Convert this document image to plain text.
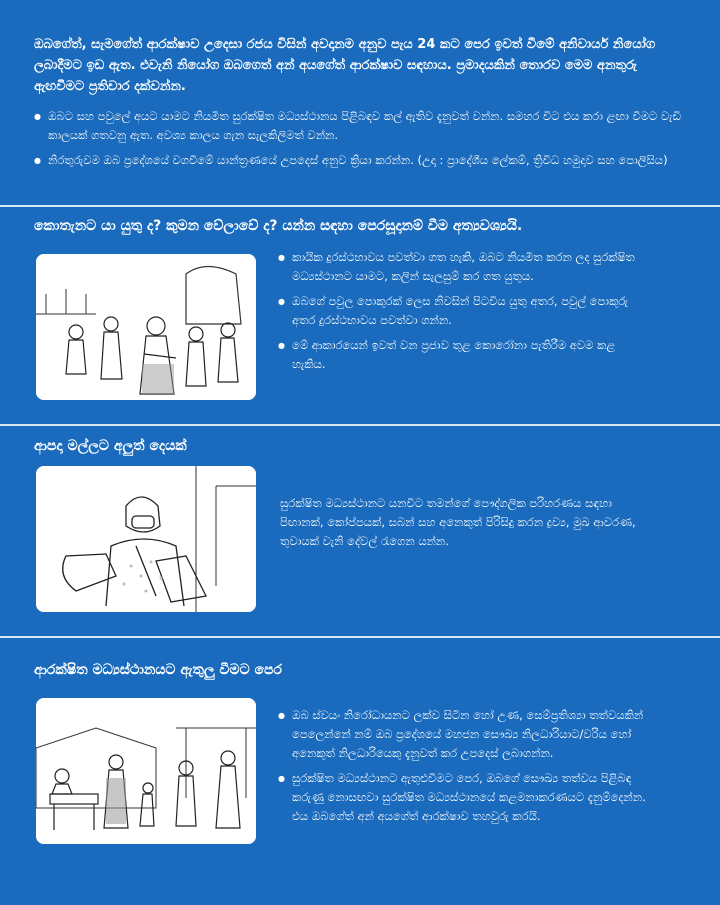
ඔබගේත්, සැමගේත් ආරක්ෂාව උදෙසා රජය විසින් අවදානම අනුව පැය 24 කට පෙර ඉවත් වීමේ අනිවාර්ය නියෝග ලබාදීමට ඉඩ ඇත. එවැනි නියෝග ඔබගෙත් අන් අයගේත් ආරක්ෂාව සඳහාය. ප්‍රමාදයකින් තොරව මෙම අනතුරු ඇඟවීමට ප්‍රතිචාර දක්වන්න.

● ඔබට සහ පවුලේ අයට යාමට නියමිත සුරක්ෂිත මධ්‍යස්ථානය පිළිබඳව කල් ඇතිව දැනුවත් වන්න. සමහර විට එය කරා ළඟා වීමට වැඩි කාලයක් ගතවනු ඇත. අවශ්‍ය කාලය ගැන සැලකිලිමත් වන්න.
● නිරතුරුවම ඔබ ප්‍රදේශයේ වගවීමේ යාන්ත්‍රණයේ උපදෙස් අනුව ක්‍රියා කරන්න. (උදා : ප්‍රාදේශීය ලේකම්, ත්‍රිවිධ හමුදාව සහ පොලිසිය)

කොතැනට යා යුතු ද? කුමන වේලාවේ ද? යන්න සඳහා පෙරසූදානම් වීම අත්‍යවශ්‍යයි.

● කායික දුරස්ථභාවය පවත්වා ගත හැකි, ඔබට නියමිත කරන ලද සුරක්ෂිත මධ්‍යස්ථානට යාමට, කලින් සැලසුම් කර ගත යුතුය.
● ඔබගේ පවුල පොකුරක් ලෙස නිවසින් පිටවිය යුතු අතර, පවුල් පොකුරු අතර දුරස්ථභාවය පවත්වා ගන්න.
● මේ ආකාරයෙන් ඉවත් වන ප්‍රජාව තුළ කොරෝනා පැතිරීම අවම කළ හැකිය.

ආපදා මල්ලට අලුත් දෙයක්

සුරක්ෂිත මධ්‍යස්ථානට යනවිට තමන්ගේ පෞද්ගලික පරිහරණය සඳහා පිඟානක්, කෝප්පයක්, සබන් සහ අනෙකුත් පිරිසිදු කරන ද්‍රව්‍ය, මුඛ ආවරණ, තුවායක් වැනි දේවල් රැගෙන යන්න.

ආරක්ෂිත මධ්‍යස්ථානයට ඇතුලු වීමට පෙර

● ඔබ ස්වයං නිරෝධායනට ලක්ව සිටින හෝ උණ, සෙම්ප්‍රතිශ්‍යා තත්වයකින් පෙලෙන්නේ නම් ඔබ ප්‍රදේශයේ මහජන සෞඛ්‍ය නිලධාරියාට/වරිය හෝ අනෙකුත් නිලධාරියෙකු දැනුවත් කර උපදෙස් ලබාගන්න.
● සුරක්ෂිත මධ්‍යස්ථානට ඇතුළුවීමට පෙර, ඔබගේ සෞඛ්‍ය තත්වය පිළිබඳ කරුණු නොසඟවා සුරක්ෂිත මධ්‍යස්ථානයේ කළමනාකරණයට දැනුම්දෙන්න. එය ඔබගේත් අන් අයගේත් ආරක්ෂාව තහවුරු කරයි.
